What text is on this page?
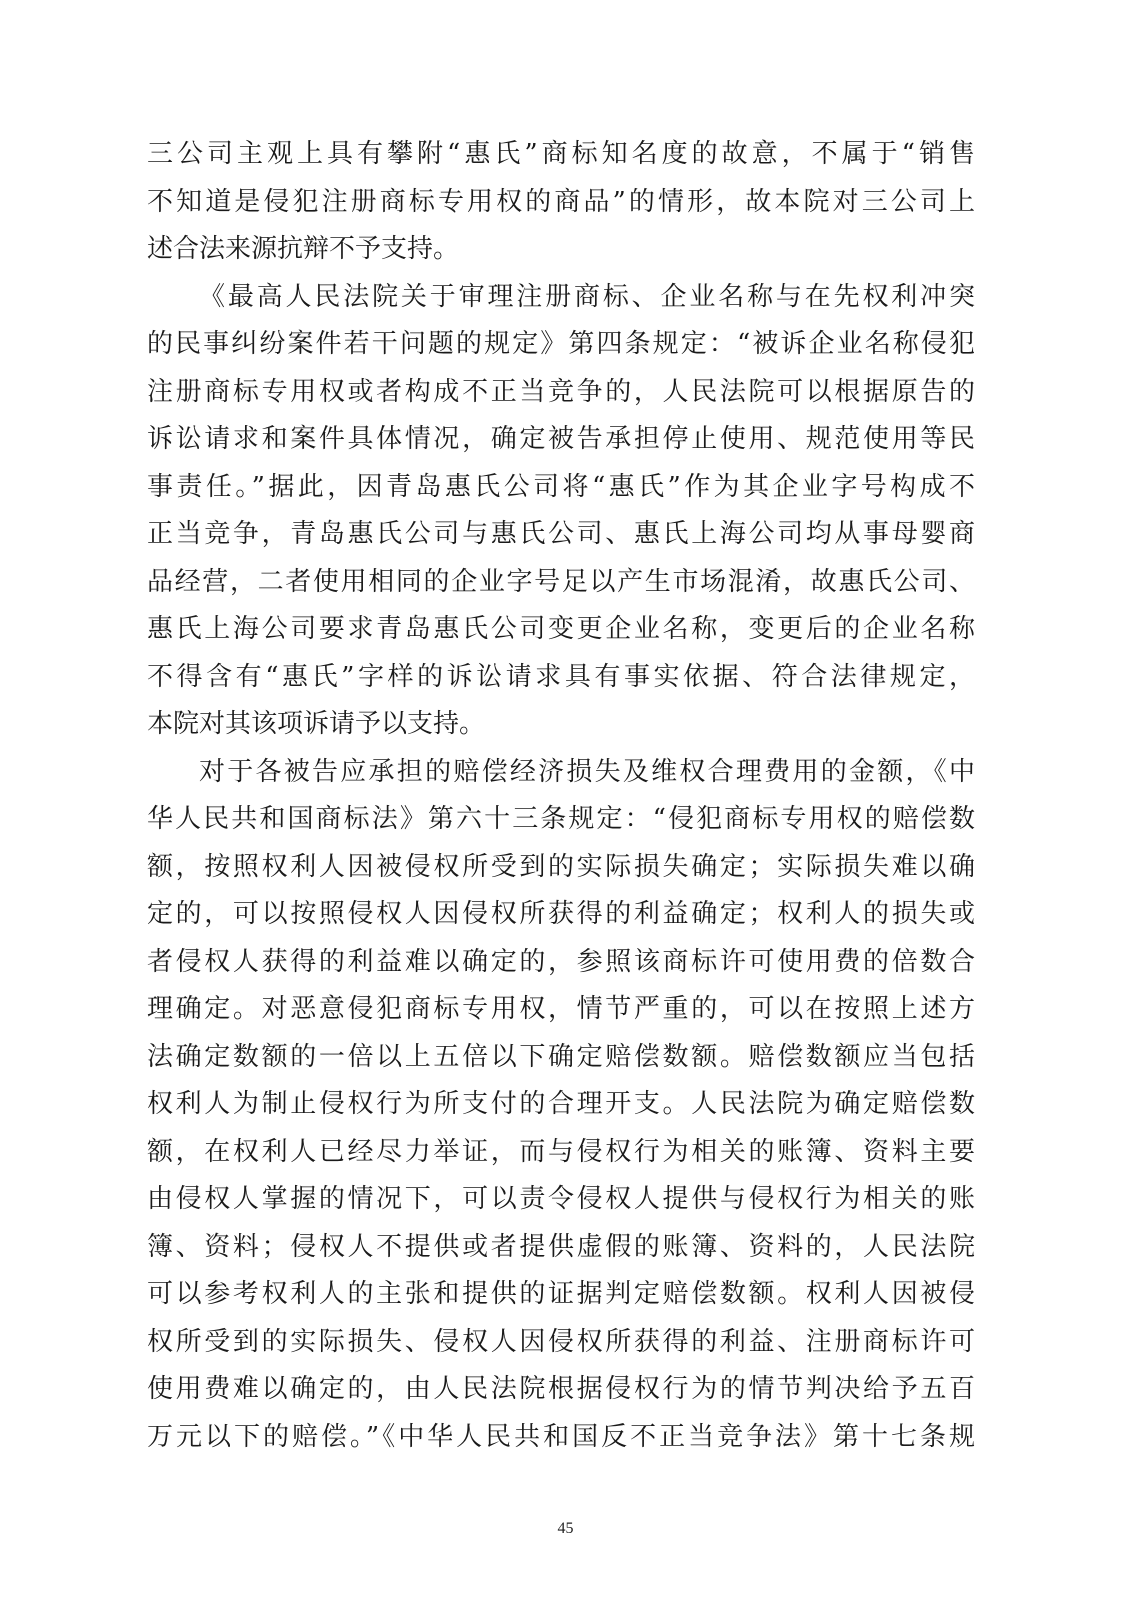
三公司主观上具有攀附“惠氏”商标知名度的故意，不属于“销售
不知道是侵犯注册商标专用权的商品”的情形，故本院对三公司上
述合法来源抗辩不予支持。
《最高人民法院关于审理注册商标、企业名称与在先权利冲突
的民事纠纷案件若干问题的规定》第四条规定：“被诉企业名称侵犯
注册商标专用权或者构成不正当竞争的，人民法院可以根据原告的
诉讼请求和案件具体情况，确定被告承担停止使用、规范使用等民
事责任。”据此，因青岛惠氏公司将“惠氏”作为其企业字号构成不
正当竞争，青岛惠氏公司与惠氏公司、惠氏上海公司均从事母婴商
品经营，二者使用相同的企业字号足以产生市场混淆，故惠氏公司、
惠氏上海公司要求青岛惠氏公司变更企业名称，变更后的企业名称
不得含有“惠氏”字样的诉讼请求具有事实依据、符合法律规定，
本院对其该项诉请予以支持。
对于各被告应承担的赔偿经济损失及维权合理费用的金额，《中
华人民共和国商标法》第六十三条规定：“侵犯商标专用权的赔偿数
额，按照权利人因被侵权所受到的实际损失确定；实际损失难以确
定的，可以按照侵权人因侵权所获得的利益确定；权利人的损失或
者侵权人获得的利益难以确定的，参照该商标许可使用费的倍数合
理确定。对恶意侵犯商标专用权，情节严重的，可以在按照上述方
法确定数额的一倍以上五倍以下确定赔偿数额。赔偿数额应当包括
权利人为制止侵权行为所支付的合理开支。人民法院为确定赔偿数
额，在权利人已经尽力举证，而与侵权行为相关的账簿、资料主要
由侵权人掌握的情况下，可以责令侵权人提供与侵权行为相关的账
簿、资料；侵权人不提供或者提供虚假的账簿、资料的，人民法院
可以参考权利人的主张和提供的证据判定赔偿数额。权利人因被侵
权所受到的实际损失、侵权人因侵权所获得的利益、注册商标许可
使用费难以确定的，由人民法院根据侵权行为的情节判决给予五百
万元以下的赔偿。”《中华人民共和国反不正当竞争法》第十七条规
45
